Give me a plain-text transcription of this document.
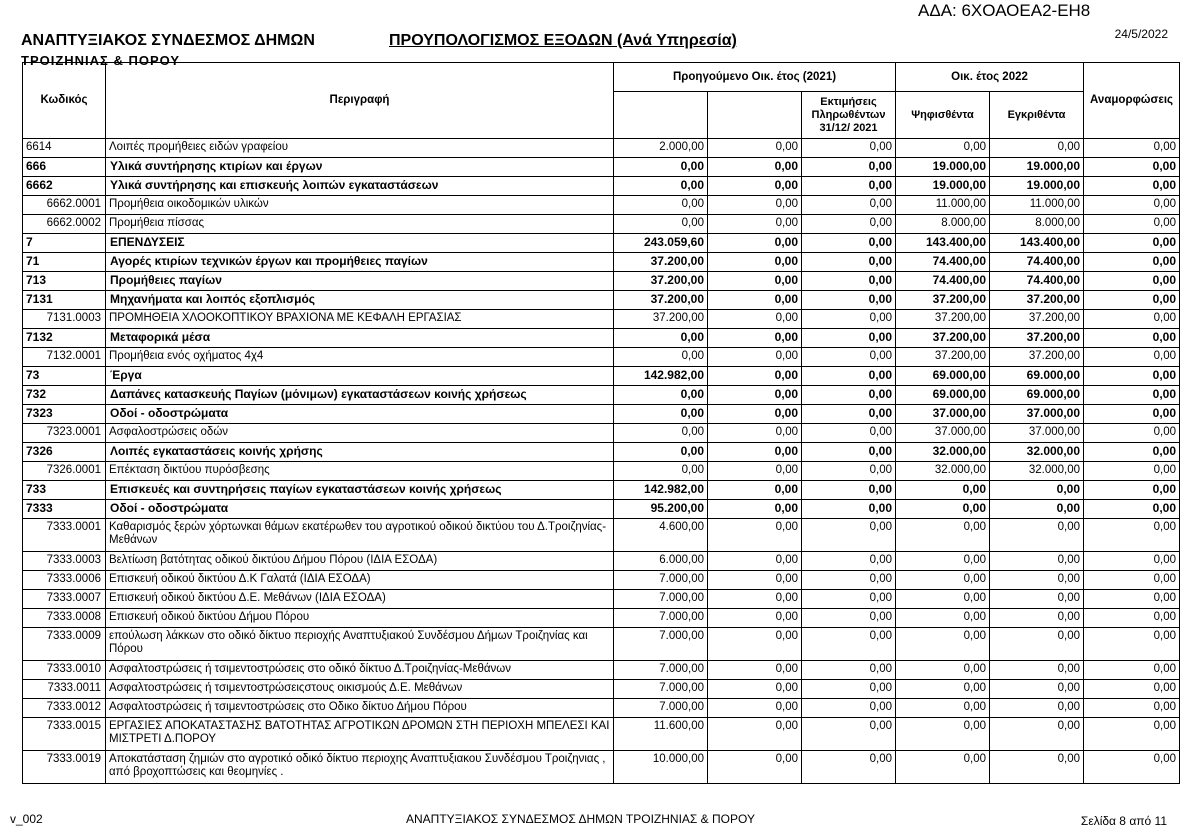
ΑΔΑ: 6ΧΟΑΟΕΑ2-ΕΗ8
24/5/2022
ΑΝΑΠΤΥΞΙΑΚΟΣ ΣΥΝΔΕΣΜΟΣ ΔΗΜΩΝ
ΤΡΟΙΖΗΝΙΑΣ & ΠΟΡΟΥ
ΠΡΟΥΠΟΛΟΓΙΣΜΟΣ ΕΞΟΔΩΝ (Ανά Υπηρεσία)
Κωδικός	Περιγραφή	Προηγούμενο Οικ. έτος (2021)			Οικ. έτος 2022		Αναμορφώσεις
				Εκτιμήσεις Πληρωθέντων 31/12/ 2021	Ψηφισθέντα	Εγκριθέντα	
6614	Λοιπές προμήθειες ειδών γραφείου	2.000,00	0,00	0,00	0,00	0,00	0,00
666	Υλικά συντήρησης κτιρίων και έργων	0,00	0,00	0,00	19.000,00	19.000,00	0,00
6662	Υλικά συντήρησης και επισκευής λοιπών εγκαταστάσεων	0,00	0,00	0,00	19.000,00	19.000,00	0,00
6662.0001	Προμήθεια οικοδομικών υλικών	0,00	0,00	0,00	11.000,00	11.000,00	0,00
6662.0002	Προμήθεια πίσσας	0,00	0,00	0,00	8.000,00	8.000,00	0,00
7	ΕΠΕΝΔΥΣΕΙΣ	243.059,60	0,00	0,00	143.400,00	143.400,00	0,00
71	Αγορές κτιρίων τεχνικών έργων και προμήθειες παγίων	37.200,00	0,00	0,00	74.400,00	74.400,00	0,00
713	Προμήθειες παγίων	37.200,00	0,00	0,00	74.400,00	74.400,00	0,00
7131	Μηχανήματα και λοιπός εξοπλισμός	37.200,00	0,00	0,00	37.200,00	37.200,00	0,00
7131.0003	ΠΡΟΜΗΘΕΙΑ ΧΛΟΟΚΟΠΤΙΚΟΥ ΒΡΑΧΙΟΝΑ ΜΕ ΚΕΦΑΛΗ ΕΡΓΑΣΙΑΣ	37.200,00	0,00	0,00	37.200,00	37.200,00	0,00
7132	Μεταφορικά μέσα	0,00	0,00	0,00	37.200,00	37.200,00	0,00
7132.0001	Προμήθεια ενός οχήματος 4χ4	0,00	0,00	0,00	37.200,00	37.200,00	0,00
73	Έργα	142.982,00	0,00	0,00	69.000,00	69.000,00	0,00
732	Δαπάνες κατασκευής Παγίων (μόνιμων) εγκαταστάσεων κοινής χρήσεως	0,00	0,00	0,00	69.000,00	69.000,00	0,00
7323	Οδοί - οδοστρώματα	0,00	0,00	0,00	37.000,00	37.000,00	0,00
7323.0001	Ασφαλοστρώσεις οδών	0,00	0,00	0,00	37.000,00	37.000,00	0,00
7326	Λοιπές εγκαταστάσεις κοινής χρήσης	0,00	0,00	0,00	32.000,00	32.000,00	0,00
7326.0001	Επέκταση δικτύου πυρόσβεσης	0,00	0,00	0,00	32.000,00	32.000,00	0,00
733	Επισκευές και συντηρήσεις παγίων εγκαταστάσεων κοινής χρήσεως	142.982,00	0,00	0,00	0,00	0,00	0,00
7333	Οδοί - οδοστρώματα	95.200,00	0,00	0,00	0,00	0,00	0,00
7333.0001	Καθαρισμός ξερών χόρτωνκαι θάμων εκατέρωθεν του αγροτικού οδικού δικτύου του Δ.Τροιζηνίας-Μεθάνων	4.600,00	0,00	0,00	0,00	0,00	0,00
7333.0003	Βελτίωση βατότητας οδικού δικτύου Δήμου Πόρου (ΙΔΙΑ ΕΣΟΔΑ)	6.000,00	0,00	0,00	0,00	0,00	0,00
7333.0006	Επισκευή οδικού δικτύου Δ.Κ Γαλατά (ΙΔΙΑ ΕΣΟΔΑ)	7.000,00	0,00	0,00	0,00	0,00	0,00
7333.0007	Επισκευή οδικού δικτύου Δ.Ε. Μεθάνων (ΙΔΙΑ ΕΣΟΔΑ)	7.000,00	0,00	0,00	0,00	0,00	0,00
7333.0008	Επισκευή οδικού δικτύου Δήμου Πόρου	7.000,00	0,00	0,00	0,00	0,00	0,00
7333.0009	επούλωση λάκκων στο οδικό δίκτυο περιοχής Αναπτυξιακού Συνδέσμου Δήμων Τροιζηνίας και Πόρου	7.000,00	0,00	0,00	0,00	0,00	0,00
7333.0010	Ασφαλτοστρώσεις ή τσιμεντοστρώσεις στο οδικό δίκτυο Δ.Τροιζηνίας-Μεθάνων	7.000,00	0,00	0,00	0,00	0,00	0,00
7333.0011	Ασφαλτοστρώσεις ή τσιμεντοστρώσειςστους οικισμούς Δ.Ε. Μεθάνων	7.000,00	0,00	0,00	0,00	0,00	0,00
7333.0012	Ασφαλτοστρώσεις ή τσιμεντοστρώσεις στο Οδικο δίκτυο Δήμου Πόρου	7.000,00	0,00	0,00	0,00	0,00	0,00
7333.0015	ΕΡΓΑΣΙΕΣ ΑΠΟΚΑΤΑΣΤΑΣΗΣ ΒΑΤΟΤΗΤΑΣ ΑΓΡΟΤΙΚΩΝ ΔΡΟΜΩΝ ΣΤΗ ΠΕΡΙΟΧΗ ΜΠΕΛΕΣΙ ΚΑΙ ΜΙΣΤΡΕΤΙ Δ.ΠΟΡΟΥ	11.600,00	0,00	0,00	0,00	0,00	0,00
7333.0019	Αποκατάσταση ζημιών στο αγροτικό οδικό δίκτυο περιοχης Αναπτυξιακου Συνδέσμου Τροιζηνιας , από βροχοπτώσεις και θεομηνίες .	10.000,00	0,00	0,00	0,00	0,00	0,00
v_002	ΑΝΑΠΤΥΞΙΑΚΟΣ ΣΥΝΔΕΣΜΟΣ ΔΗΜΩΝ ΤΡΟΙΖΗΝΙΑΣ & ΠΟΡΟΥ	Σελίδα 8 από 11
